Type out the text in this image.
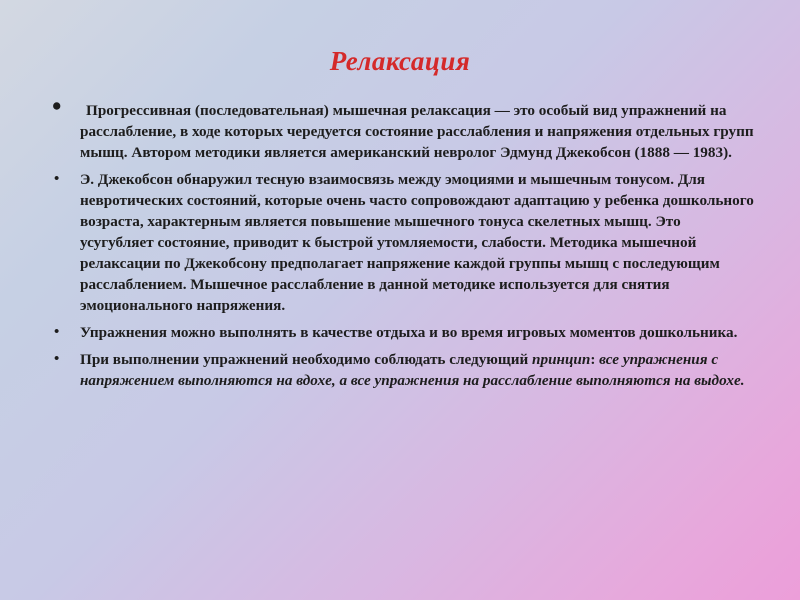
Релаксация
• Прогрессивная (последовательная) мышечная релаксация — это особый вид упражнений на расслабление, в ходе которых чередуется состояние расслабления и напряжения отдельных групп мышц. Автором методики является американский невролог Эдмунд Джекобсон (1888 — 1983).
• Э. Джекобсон обнаружил тесную взаимосвязь между эмоциями и мышечным тонусом. Для невротических состояний, которые очень часто сопровождают адаптацию у ребенка дошкольного возраста, характерным является повышение мышечного тонуса скелетных мышц. Это усугубляет состояние, приводит к быстрой утомляемости, слабости. Методика мышечной релаксации по Джекобсону предполагает напряжение каждой группы мышц с последующим расслаблением. Мышечное расслабление в данной методике используется для снятия эмоционального напряжения.
• Упражнения можно выполнять в качестве отдыха и во время игровых моментов дошкольника.
• При выполнении упражнений необходимо соблюдать следующий принцип: все упражнения с напряжением выполняются на вдохе, а все упражнения на расслабление выполняются на выдохе.
